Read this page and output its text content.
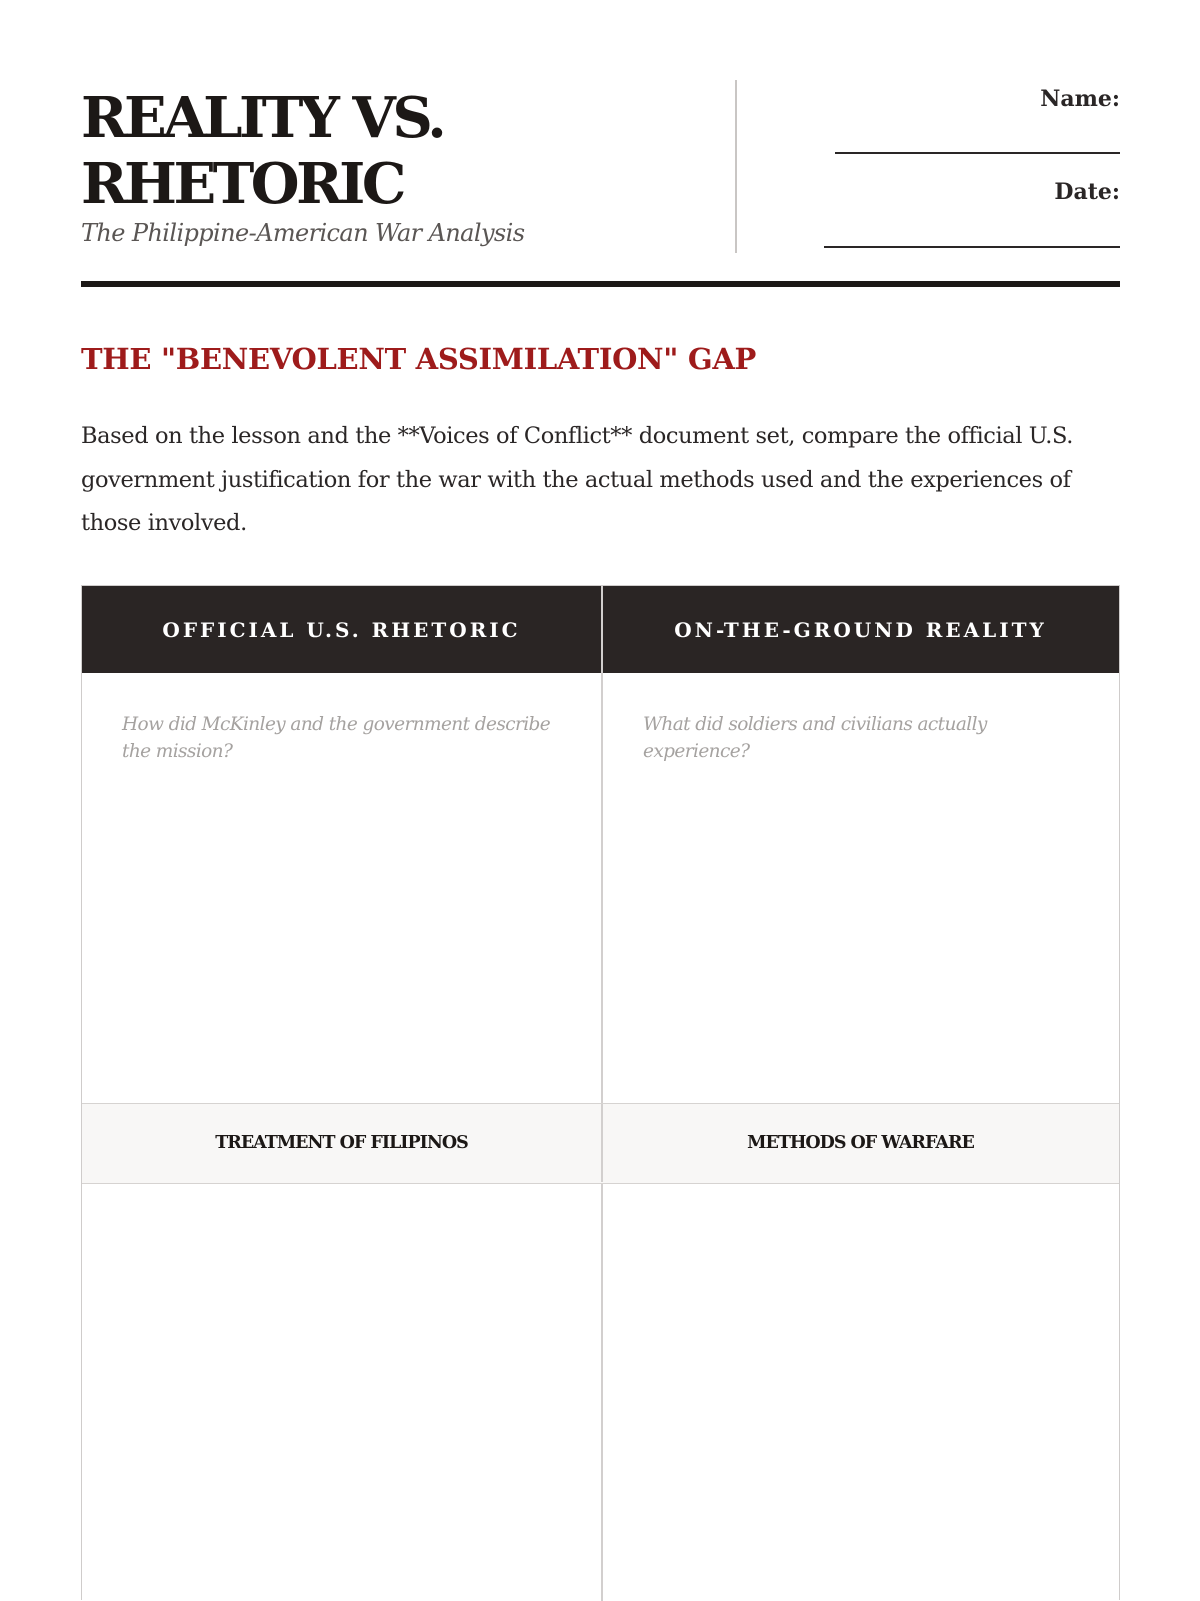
REALITY VS. RHETORIC
The Philippine-American War Analysis
Name:
Date:
THE "BENEVOLENT ASSIMILATION" GAP

Based on the lesson and the **Voices of Conflict** document set, compare the official U.S. government justification for the war with the actual methods used and the experiences of those involved.

OFFICIAL U.S. RHETORIC	ON-THE-GROUND REALITY
How did McKinley and the government describe the mission?
What did soldiers and civilians actually experience?
TREATMENT OF FILIPINOS	METHODS OF WARFARE
